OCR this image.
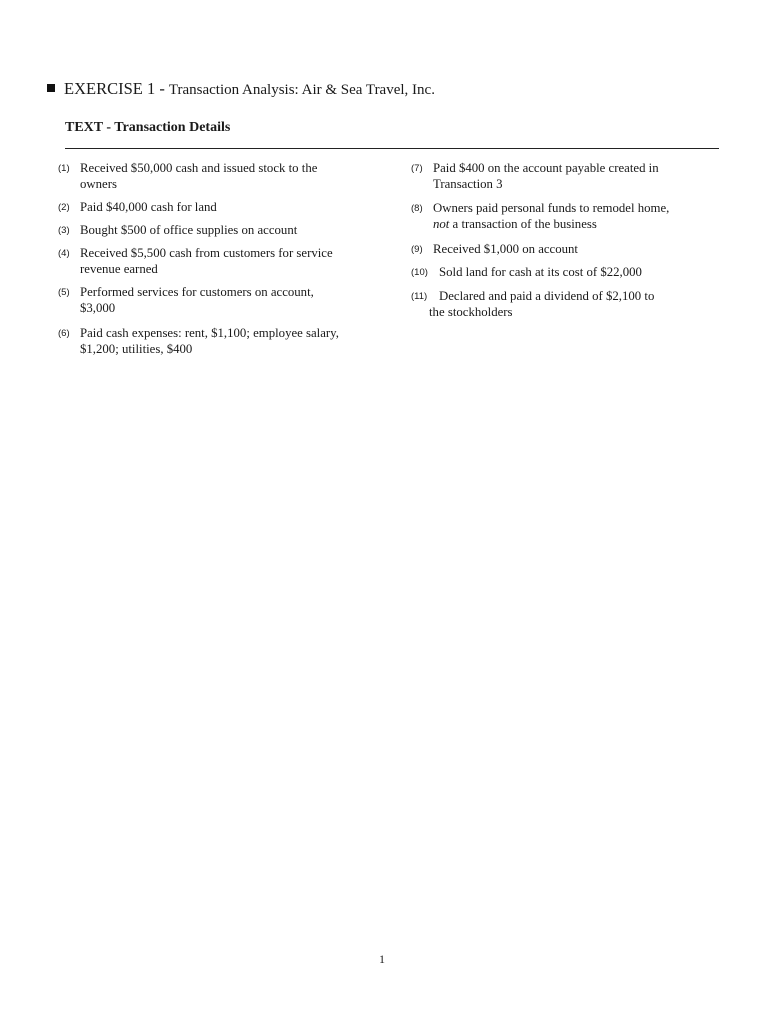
EXERCISE 1 - Transaction Analysis: Air & Sea Travel, Inc.
TEXT - Transaction Details
(1) Received $50,000 cash and issued stock to the
owners
(2) Paid $40,000 cash for land
(3) Bought $500 of office supplies on account
(4) Received $5,500 cash from customers for service
revenue earned
(5) Performed services for customers on account,
$3,000
(6) Paid cash expenses: rent, $1,100; employee salary,
$1,200; utilities, $400
(7) Paid $400 on the account payable created in
Transaction 3
(8) Owners paid personal funds to remodel home,
not a transaction of the business
(9) Received $1,000 on account
(10) Sold land for cash at its cost of $22,000
(11) Declared and paid a dividend of $2,100 to
the stockholders
1
